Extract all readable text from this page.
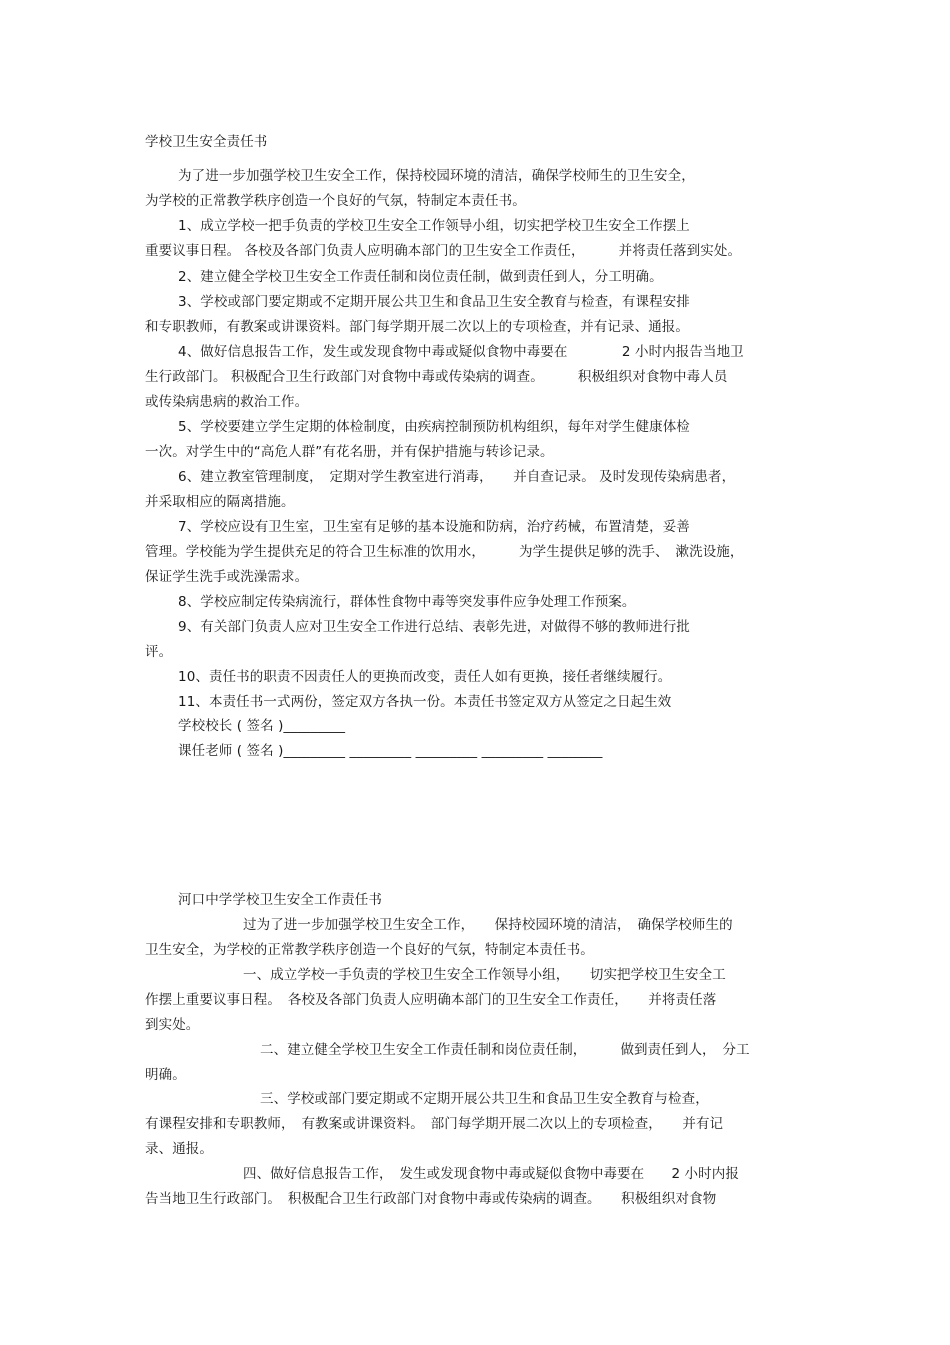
学校卫生安全责任书
为了进一步加强学校卫生安全工作，保持校园环境的清洁，确保学校师生的卫生安全，
为学校的正常教学秩序创造一个良好的气氛，特制定本责任书。
1、成立学校一把手负责的学校卫生安全工作领导小组，切实把学校卫生安全工作摆上
重要议事日程。 各校及各部门负责人应明确本部门的卫生安全工作责任，　　　并将责任落到实处。
2、建立健全学校卫生安全工作责任制和岗位责任制，做到责任到人，分工明确。
3、学校或部门要定期或不定期开展公共卫生和食品卫生安全教育与检查，有课程安排
和专职教师，有教案或讲课资料。部门每学期开展二次以上的专项检查，并有记录、通报。
4、做好信息报告工作，发生或发现食物中毒或疑似食物中毒要在　　　　2 小时内报告当地卫
生行政部门。 积极配合卫生行政部门对食物中毒或传染病的调查。　　　积极组织对食物中毒人员
或传染病患病的救治工作。
5、学校要建立学生定期的体检制度，由疾病控制预防机构组织，每年对学生健康体检
一次。对学生中的“高危人群”有花名册，并有保护措施与转诊记录。
6、建立教室管理制度，　定期对学生教室进行消毒，　　并自查记录。 及时发现传染病患者，
并采取相应的隔离措施。
7、学校应设有卫生室，卫生室有足够的基本设施和防病，治疗药械，布置清楚，妥善
管理。学校能为学生提供充足的符合卫生标准的饮用水，　　　为学生提供足够的洗手、　漱洗设施，
保证学生洗手或洗澡需求。
8、学校应制定传染病流行，群体性食物中毒等突发事件应争处理工作预案。
9、有关部门负责人应对卫生安全工作进行总结、表彰先进，对做得不够的教师进行批
评。
10、责任书的职责不因责任人的更换而改变，责任人如有更换，接任者继续履行。
11、本责任书一式两份，签定双方各执一份。本责任书签定双方从签定之日起生效
学校校长 ( 签名 )_________
课任老师 ( 签名 )_________ _________ _________ _________ ________
河口中学学校卫生安全工作责任书
过为了进一步加强学校卫生安全工作，　　保持校园环境的清洁，　确保学校师生的
卫生安全，为学校的正常教学秩序创造一个良好的气氛，特制定本责任书。
一、成立学校一手负责的学校卫生安全工作领导小组，　　切实把学校卫生安全工
作摆上重要议事日程。　各校及各部门负责人应明确本部门的卫生安全工作责任，　　并将责任落
到实处。
二、建立健全学校卫生安全工作责任制和岗位责任制，　　　做到责任到人，　分工
明确。
三、学校或部门要定期或不定期开展公共卫生和食品卫生安全教育与检查，
有课程安排和专职教师，　有教案或讲课资料。　部门每学期开展二次以上的专项检查，　　并有记
录、通报。
四、做好信息报告工作，　发生或发现食物中毒或疑似食物中毒要在　　2 小时内报
告当地卫生行政部门。　积极配合卫生行政部门对食物中毒或传染病的调查。　　积极组织对食物
